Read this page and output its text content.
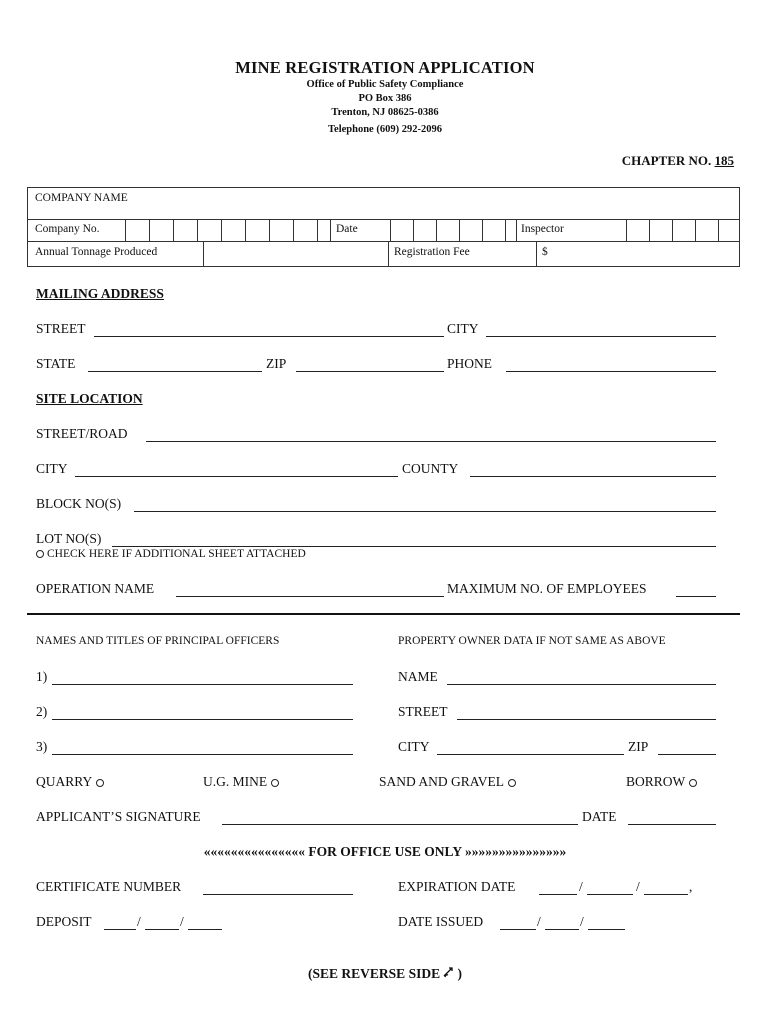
MINE REGISTRATION APPLICATION
Office of Public Safety Compliance
PO Box 386
Trenton, NJ 08625-0386
Telephone (609) 292-2096
CHAPTER NO. 185
COMPANY NAME
Company No.	Date	Inspector
Annual Tonnage Produced	Registration Fee	$
MAILING ADDRESS
STREET	CITY
STATE	ZIP	PHONE
SITE LOCATION
STREET/ROAD
CITY	COUNTY
BLOCK NO(S)
LOT NO(S)
CHECK HERE IF ADDITIONAL SHEET ATTACHED
OPERATION NAME	MAXIMUM NO. OF EMPLOYEES
NAMES AND TITLES OF PRINCIPAL OFFICERS	PROPERTY OWNER DATA IF NOT SAME AS ABOVE
1)	NAME
2)	STREET
3)	CITY	ZIP
QUARRY	U.G. MINE	SAND AND GRAVEL	BORROW
APPLICANT’S SIGNATURE	DATE
««««««««««««««« FOR OFFICE USE ONLY »»»»»»»»»»»»»»»
CERTIFICATE NUMBER	EXPIRATION DATE	/	/	,
DEPOSIT	/	/	DATE ISSUED	/	/
(SEE REVERSE SIDE )
